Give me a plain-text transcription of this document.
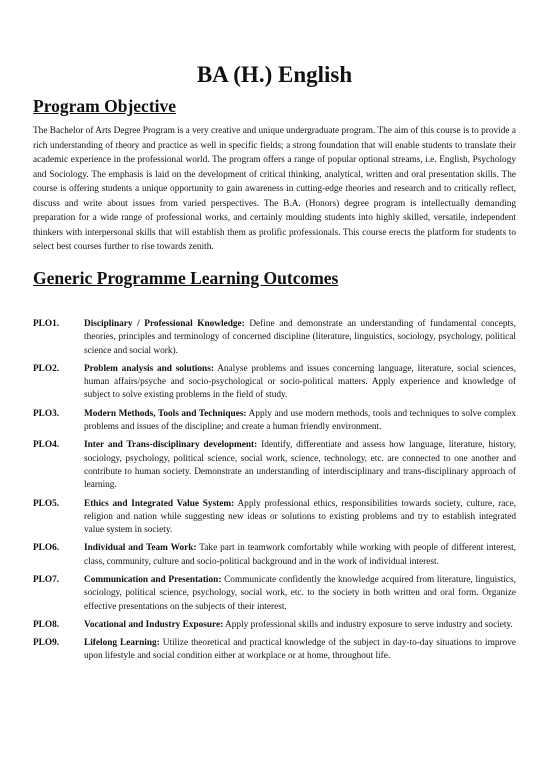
BA (H.) English
Program Objective

The Bachelor of Arts Degree Program is a very creative and unique undergraduate program. The aim of this course is to provide a rich understanding of theory and practice as well in specific fields; a strong foundation that will enable students to translate their academic experience in the professional world. The program offers a range of popular optional streams, i.e. English, Psychology and Sociology. The emphasis is laid on the development of critical thinking, analytical, written and oral presentation skills. The course is offering students a unique opportunity to gain awareness in cutting-edge theories and research and to critically reflect, discuss and write about issues from varied perspectives. The B.A. (Honors) degree program is intellectually demanding preparation for a wide range of professional works, and certainly moulding students into highly skilled, versatile, independent thinkers with interpersonal skills that will establish them as prolific professionals. This course erects the platform for students to select best courses further to rise towards zenith.

Generic Programme Learning Outcomes
PLO1.	Disciplinary / Professional Knowledge: Define and demonstrate an understanding of fundamental concepts, theories, principles and terminology of concerned discipline (literature, linguistics, sociology, psychology, political science and social work).
PLO2.	Problem analysis and solutions: Analyse problems and issues concerning language, literature, social sciences, human affairs/psyche and socio-psychological or socio-political matters. Apply experience and knowledge of subject to solve existing problems in the field of study.
PLO3.	Modern Methods, Tools and Techniques: Apply and use modern methods, tools and techniques to solve complex problems and issues of the discipline; and create a human friendly environment.
PLO4.	Inter and Trans-disciplinary development: Identify, differentiate and assess how language, literature, history, sociology, psychology, political science, social work, science, technology, etc. are connected to one another and contribute to human society. Demonstrate an understanding of interdisciplinary and trans-disciplinary approach of learning.
PLO5.	Ethics and Integrated Value System: Apply professional ethics, responsibilities towards society, culture, race, religion and nation while suggesting new ideas or solutions to existing problems and try to establish integrated value system in society.
PLO6.	Individual and Team Work: Take part in teamwork comfortably while working with people of different interest, class, community, culture and socio-political background and in the work of individual interest.
PLO7.	Communication and Presentation: Communicate confidently the knowledge acquired from literature, linguistics, sociology, political science, psychology, social work, etc. to the society in both written and oral form. Organize effective presentations on the subjects of their interest.
PLO8.	Vocational and Industry Exposure: Apply professional skills and industry exposure to serve industry and society.
PLO9.	Lifelong Learning: Utilize theoretical and practical knowledge of the subject in day-to-day situations to improve upon lifestyle and social condition either at workplace or at home, throughout life.
